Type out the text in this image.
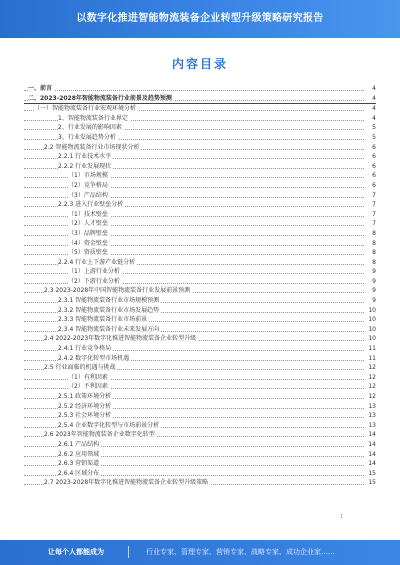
以数字化推进智能物流装备企业转型升级策略研究报告
内容目录
一、前言	4
二、2023-2028年智能物流装备行业前景及趋势预测	4
（一）智能物流装备行业宏观环境分析	4
1、智能物流装备行业界定	4
2、行业发展的影响因素	5
3、行业发展趋势分析	5
2.2 智能物流装备行业市场现状分析	6
2.2.1 行业技术水平	6
2.2.2 行业发展现状	6
（1）市场规模	6
（2）竞争格局	6
（3）产品结构	7
2.2.3 进入行业壁垒分析	7
（1）技术壁垒	7
（2）人才壁垒	7
（3）品牌壁垒	8
（4）资金壁垒	8
（5）资质壁垒	8
2.2.4 行业上下游产业链分析	8
（1）上游行业分析	9
（2）下游行业分析	9
2.3 2023-2028年中国智能物流装备行业发展前景预测	9
2.3.1 智能物流装备行业市场规模预测	9
2.3.2 智能物流装备行业市场发展趋势	10
2.3.3 智能物流装备行业市场前景	10
2.3.4 智能物流装备行业未来发展方向	10
2.4 2022-2023年数字化推进智能物流装备企业转型升级	10
2.4.1 行业竞争格局	11
2.4.2 数字化转型市场机遇	11
2.5 行业面临的机遇与挑战	12
（1）有利因素	12
（2）不利因素	12
2.5.1 政策环境分析	12
2.5.2 经济环境分析	13
2.5.3 社会环境分析	13
2.5.4 企业数字化转型与市场前景分析	13
2.6 2023年智能物流装备企业数字化转型	14
2.6.1 产品结构	14
2.6.2 应用领域	14
2.6.3 营销渠道	14
2.6.4 区域分布	15
2.7 2023-2028年数字化推进智能物流装备企业转型升级策略	15
1
让每个人都能成为	行业专家、管理专家、营销专家、战略专家、成功企业家……
